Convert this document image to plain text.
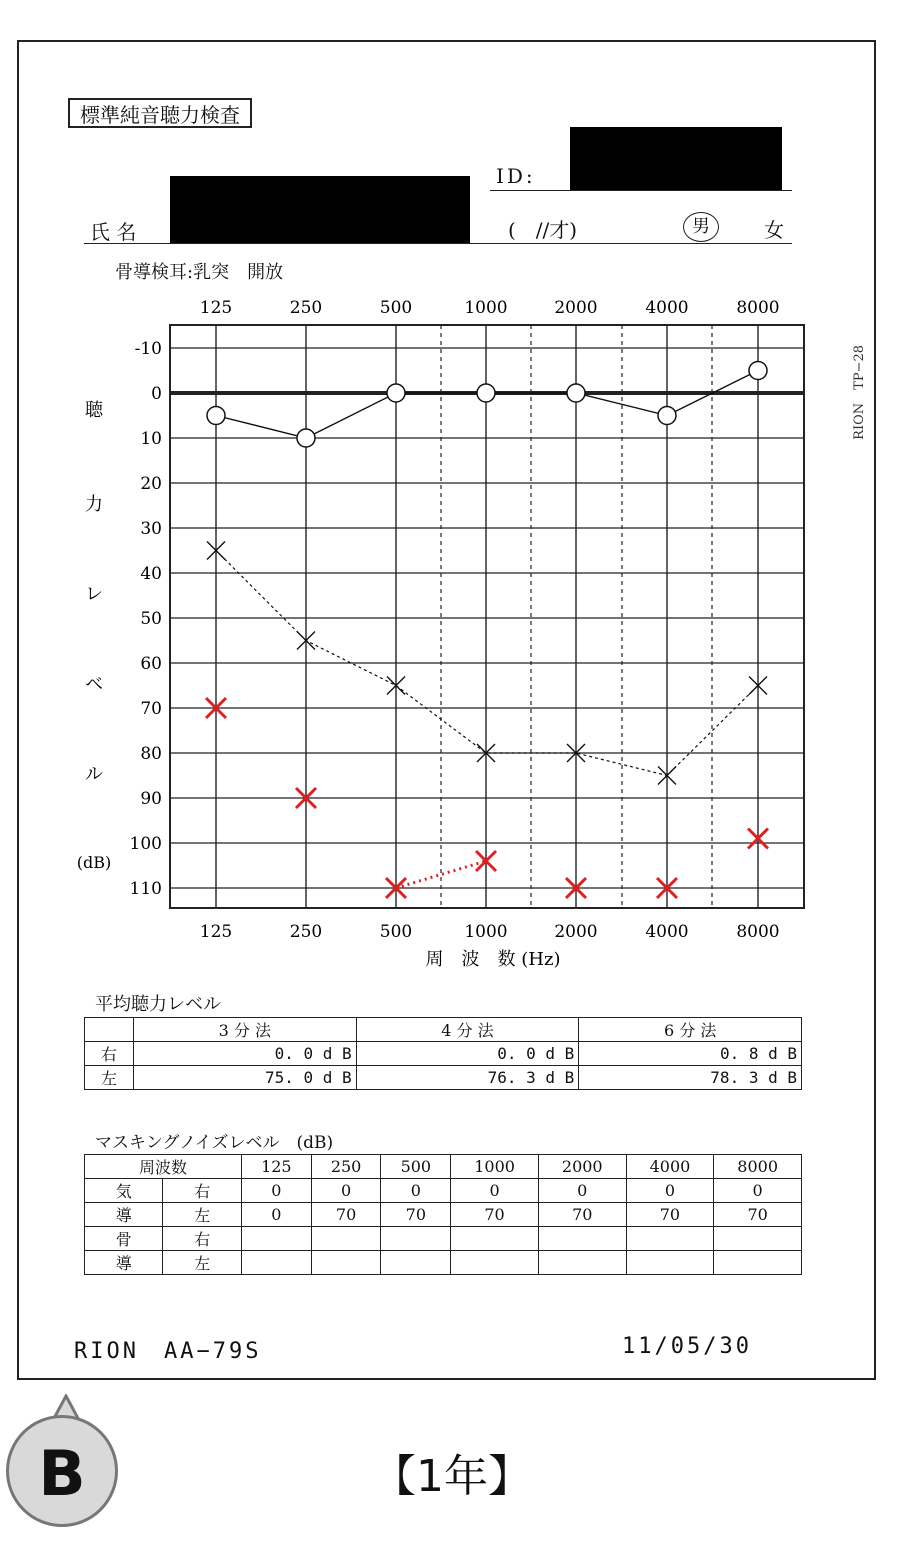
標準純音聴力検査
ID:
氏 名	(　//才)	男	女
骨導検耳:乳突　開放
RION　TP−28
-10
0
10
20
30
40
50
60
70
80
90
100
110
125
125
250
250
500
500
1000
1000
2000
2000
4000
4000
8000
8000
周　波　数 (Hz)
聴
力
レ
ベ
ル
(dB)
平均聴力レベル
	3 分 法	4 分 法	6 分 法
右	0. 0 d B	0. 0 d B	0. 8 d B
左	75. 0 d B	76. 3 d B	78. 3 d B
マスキングノイズレベル　(dB)
周波数		125	250	500	1000	2000	4000	8000
気	右	0	0	0	0	0	0	0
導	左	0	70	70	70	70	70	70
骨	右							
導	左							
RION　AA−79S	11/05/30
B	【1年】
